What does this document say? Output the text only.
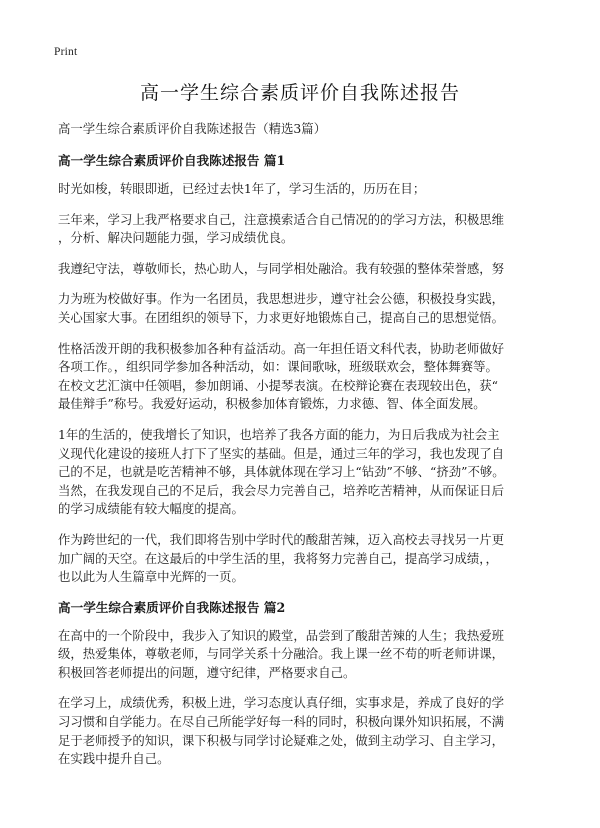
Print
高一学生综合素质评价自我陈述报告

高一学生综合素质评价自我陈述报告（精选3篇）

高一学生综合素质评价自我陈述报告 篇1

时光如梭，转眼即逝，已经过去快1年了，学习生活的，历历在目；

三年来，学习上我严格要求自己，注意摸索适合自己情况的的学习方法，积极思维
，分析、解决问题能力强，学习成绩优良。

我遵纪守法，尊敬师长，热心助人，与同学相处融洽。我有较强的整体荣誉感，努

力为班为校做好事。作为一名团员，我思想进步，遵守社会公德，积极投身实践，
关心国家大事。在团组织的领导下，力求更好地锻炼自己，提高自己的思想觉悟。

性格活泼开朗的我积极参加各种有益活动。高一年担任语文科代表，协助老师做好
各项工作。，组织同学参加各种活动，如：课间歌咏，班级联欢会，整体舞赛等。
在校文艺汇演中任领唱，参加朗诵、小提琴表演。在校辩论赛在表现较出色，获“
最佳辩手”称号。我爱好运动，积极参加体育锻炼，力求德、智、体全面发展。

1年的生活的，使我增长了知识，也培养了我各方面的能力，为日后我成为社会主
义现代化建设的接班人打下了坚实的基础。但是，通过三年的学习，我也发现了自
己的不足，也就是吃苦精神不够，具体就体现在学习上“钻劲”不够、“挤劲”不够。
当然，在我发现自己的不足后，我会尽力完善自己，培养吃苦精神，从而保证日后
的学习成绩能有较大幅度的提高。

作为跨世纪的一代，我们即将告别中学时代的酸甜苦辣，迈入高校去寻找另一片更
加广阔的天空。在这最后的中学生活的里，我将努力完善自己，提高学习成绩，，
也以此为人生篇章中光辉的一页。

高一学生综合素质评价自我陈述报告 篇2

在高中的一个阶段中，我步入了知识的殿堂，品尝到了酸甜苦辣的人生；我热爱班
级，热爱集体，尊敬老师，与同学关系十分融洽。我上课一丝不苟的听老师讲课，
积极回答老师提出的问题，遵守纪律，严格要求自己。

在学习上，成绩优秀，积极上进，学习态度认真仔细，实事求是，养成了良好的学
习习惯和自学能力。在尽自己所能学好每一科的同时，积极向课外知识拓展，不满
足于老师授予的知识，课下积极与同学讨论疑难之处，做到主动学习、自主学习，
在实践中提升自己。
